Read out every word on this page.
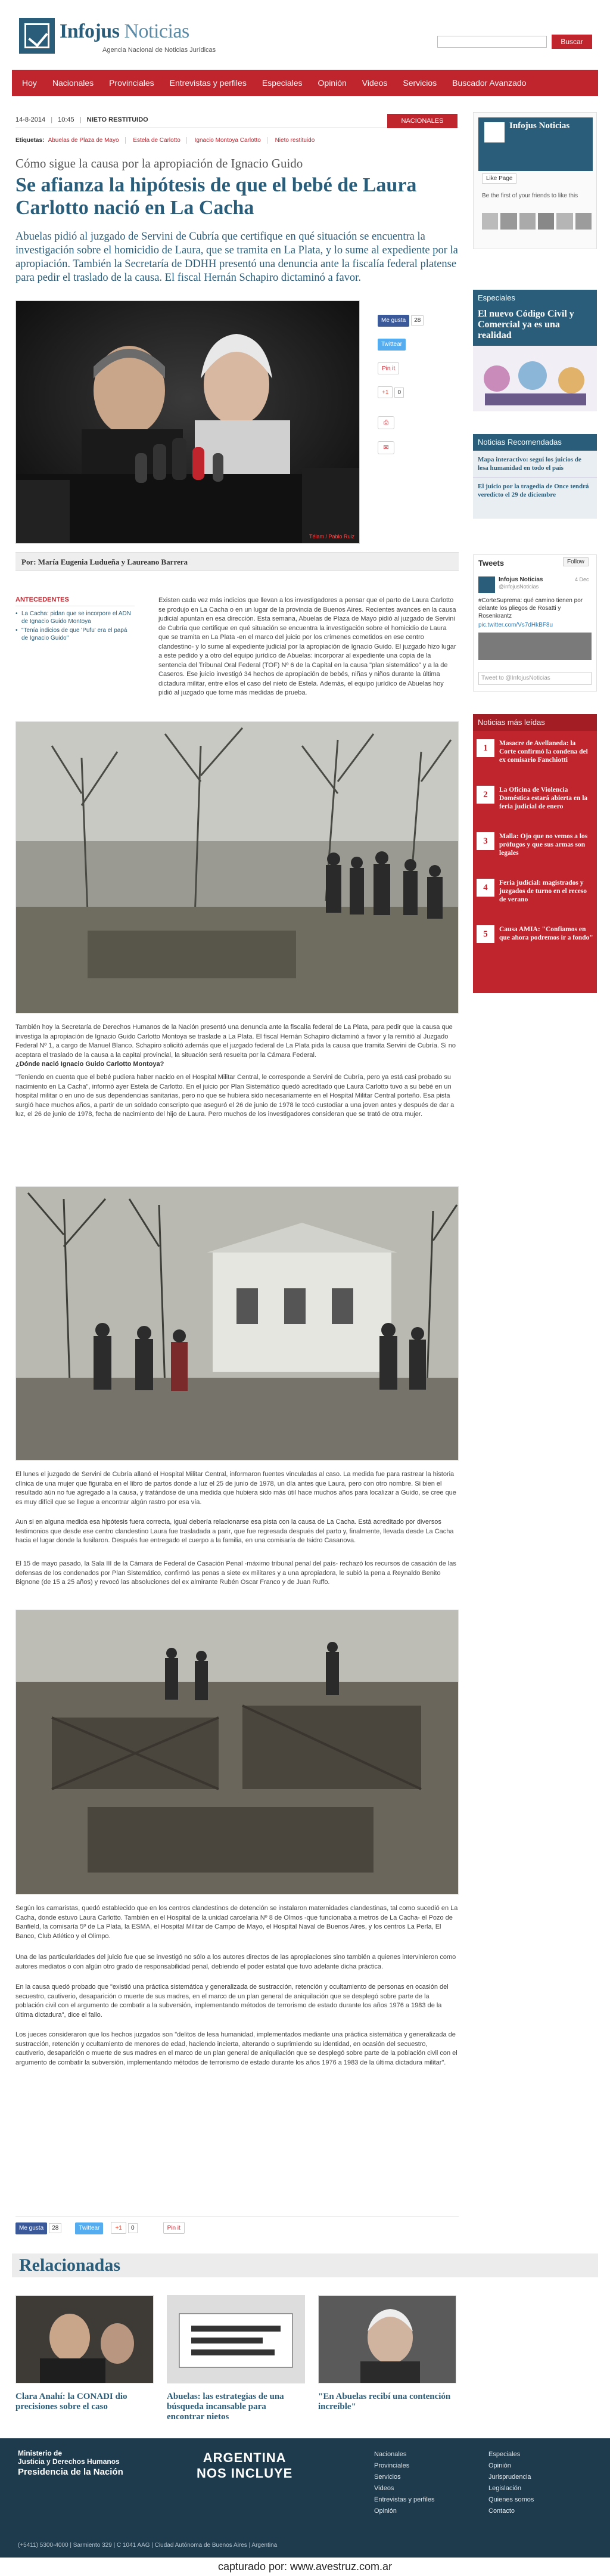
Infojus Noticias
Agencia Nacional de Noticias Jurídicas
Buscar
Hoy	Nacionales	Provinciales	Entrevistas y perfiles	Especiales	Opinión	Videos	Servicios	Buscador Avanzado
14-8-2014 | 10:45 | NIETO RESTITUIDO	NACIONALES
Etiquetas: Abuelas de Plaza de Mayo Estela de Carlotto Ignacio Montoya Carlotto Nieto restituido
Cómo sigue la causa por la apropiación de Ignacio Guido
Se afianza la hipótesis de que el bebé de Laura Carlotto nació en La Cacha
Abuelas pidió al juzgado de Servini de Cubría que certifique en qué situación se encuentra la investigación sobre el homicidio de Laura, que se tramita en La Plata, y lo sume al expediente por la apropiación. También la Secretaría de DDHH presentó una denuncia ante la fiscalía federal platense para pedir el traslado de la causa. El fiscal Hernán Schapiro dictaminó a favor.
Télam / Pablo Ruiz
Me gusta 28
Twittear
Pin it
+1 0
⎙
✉
Por: María Eugenia Ludueña y Laureano Barrera
ANTECEDENTES
• La Cacha: pidan que se incorpore el ADN de Ignacio Guido Montoya
• "Tenía indicios de que 'Pufu' era el papá de Ignacio Guido"
Existen cada vez más indicios que llevan a los investigadores a pensar que el parto de Laura Carlotto se produjo en La Cacha o en un lugar de la provincia de Buenos Aires. Recientes avances en la causa judicial apuntan en esa dirección. Esta semana, Abuelas de Plaza de Mayo pidió al juzgado de Servini de Cubría que certifique en qué situación se encuentra la investigación sobre el homicidio de Laura que se tramita en La Plata -en el marco del juicio por los crímenes cometidos en ese centro clandestino- y lo sume al expediente judicial por la apropiación de Ignacio Guido. El juzgado hizo lugar a este pedido y a otro del equipo jurídico de Abuelas: incorporar al expediente una copia de la sentencia del Tribunal Oral Federal (TOF) Nº 6 de la Capital en la causa "plan sistemático" y a la de Caseros. Ese juicio investigó 34 hechos de apropiación de bebés, niñas y niños durante la última dictadura militar, entre ellos el caso del nieto de Estela. Además, el equipo jurídico de Abuelas hoy pidió al juzgado que tome más medidas de prueba.
También hoy la Secretaría de Derechos Humanos de la Nación presentó una denuncia ante la fiscalía federal de La Plata, para pedir que la causa que investiga la apropiación de Ignacio Guido Carlotto Montoya se traslade a La Plata. El fiscal Hernán Schapiro dictaminó a favor y la remitió al Juzgado Federal Nº 1, a cargo de Manuel Blanco. Schapiro solicitó además que el juzgado federal de La Plata pida la causa que tramita Servini de Cubría. Si no aceptara el traslado de la causa a la capital provincial, la situación será resuelta por la Cámara Federal.
¿Dónde nació Ignacio Guido Carlotto Montoya?
"Teniendo en cuenta que el bebé pudiera haber nacido en el Hospital Militar Central, le corresponde a Servini de Cubría, pero ya está casi probado su nacimiento en La Cacha", informó ayer Estela de Carlotto. En el juicio por Plan Sistemático quedó acreditado que Laura Carlotto tuvo a su bebé en un hospital militar o en uno de sus dependencias sanitarias, pero no que se hubiera sido necesariamente en el Hospital Militar Central porteño. Esa pista surgió hace muchos años, a partir de un soldado conscripto que aseguró el 26 de junio de 1978 le tocó custodiar a una joven antes y después de dar a luz, el 26 de junio de 1978, fecha de nacimiento del hijo de Laura. Pero muchos de los investigadores consideran que se trató de otra mujer.
El lunes el juzgado de Servini de Cubría allanó el Hospital Militar Central, informaron fuentes vinculadas al caso. La medida fue para rastrear la historia clínica de una mujer que figuraba en el libro de partos donde a luz el 25 de junio de 1978, un día antes que Laura, pero con otro nombre. Si bien el resultado aún no fue agregado a la causa, y tratándose de una medida que hubiera sido más útil hace muchos años para localizar a Guido, se cree que es muy difícil que se llegue a encontrar algún rastro por esa vía.
Aun si en alguna medida esa hipótesis fuera correcta, igual debería relacionarse esa pista con la causa de La Cacha. Está acreditado por diversos testimonios que desde ese centro clandestino Laura fue trasladada a parir, que fue regresada después del parto y, finalmente, llevada desde La Cacha hacia el lugar donde la fusilaron. Después fue entregado el cuerpo a la familia, en una comisaría de Isidro Casanova.
El 15 de mayo pasado, la Sala III de la Cámara de Federal de Casación Penal -máximo tribunal penal del país- rechazó los recursos de casación de las defensas de los condenados por Plan Sistemático, confirmó las penas a siete ex militares y a una apropiadora, le subió la pena a Reynaldo Benito Bignone (de 15 a 25 años) y revocó las absoluciones del ex almirante Rubén Oscar Franco y de Juan Ruffo.
Según los camaristas, quedó establecido que en los centros clandestinos de detención se instalaron maternidades clandestinas, tal como sucedió en La Cacha, donde estuvo Laura Carlotto. También en el Hospital de la unidad carcelaria Nº 8 de Olmos -que funcionaba a metros de La Cacha- el Pozo de Banfield, la comisaría 5º de La Plata, la ESMA, el Hospital Militar de Campo de Mayo, el Hospital Naval de Buenos Aires, y los centros La Perla, El Banco, Club Atlético y el Olimpo.
Una de las particularidades del juicio fue que se investigó no sólo a los autores directos de las apropiaciones sino también a quienes intervinieron como autores mediatos o con algún otro grado de responsabilidad penal, debiendo el poder estatal que tuvo adelante dicha práctica.
En la causa quedó probado que "existió una práctica sistemática y generalizada de sustracción, retención y ocultamiento de personas en ocasión del secuestro, cautiverio, desaparición o muerte de sus madres, en el marco de un plan general de aniquilación que se desplegó sobre parte de la población civil con el argumento de combatir a la subversión, implementando métodos de terrorismo de estado durante los años 1976 a 1983 de la última dictadura", dice el fallo.
Los jueces consideraron que los hechos juzgados son "delitos de lesa humanidad, implementados mediante una práctica sistemática y generalizada de sustracción, retención y ocultamiento de menores de edad, haciendo incierta, alterando o suprimiendo su identidad, en ocasión del secuestro, cautiverio, desaparición o muerte de sus madres en el marco de un plan general de aniquilación que se desplegó sobre parte de la población civil con el argumento de combatir la subversión, implementando métodos de terrorismo de estado durante los años 1976 a 1983 de la última dictadura militar".
Me gusta 28	Twittear	+1 0	Pin it
Infojus Noticias
Like Page
Be the first of your friends to like this
Especiales
El nuevo Código Civil y Comercial ya es una realidad
Noticias Recomendadas
Mapa interactivo: seguí los juicios de lesa humanidad en todo el país
El juicio por la tragedia de Once tendrá veredicto el 29 de diciembre
Tweets	Follow
Infojus Noticias
@infojusNoticias
4 Dec
#CorteSuprema: qué camino tienen por delante los pliegos de Rosatti y Rosenkrantz
pic.twitter.com/Vs7dHkBF8u
Tweet to @InfojusNoticias
Noticias más leídas
1	Masacre de Avellaneda: la Corte confirmó la condena del ex comisario Fanchiotti
2	La Oficina de Violencia Doméstica estará abierta en la feria judicial de enero
3	Malla: Ojo que no vemos a los prófugos y que sus armas son legales
4	Feria judicial: magistrados y juzgados de turno en el receso de verano
5	Causa AMIA: "Confiamos en que ahora podremos ir a fondo"
Relacionadas
Clara Anahí: la CONADI dio precisiones sobre el caso
Abuelas: las estrategias de una búsqueda incansable para encontrar nietos
"En Abuelas recibí una contención increíble"
Ministerio de
Justicia y Derechos Humanos
Presidencia de la Nación
ARGENTINA
NOS INCLUYE
Nacionales
Provinciales
Servicios
Videos
Entrevistas y perfiles
Opinión
Especiales
Opinión
Jurisprudencia
Legislación
Quienes somos
Contacto
(+5411) 5300-4000 | Sarmiento 329 | C 1041 AAG | Ciudad Autónoma de Buenos Aires | Argentina
capturado por: www.avestruz.com.ar
